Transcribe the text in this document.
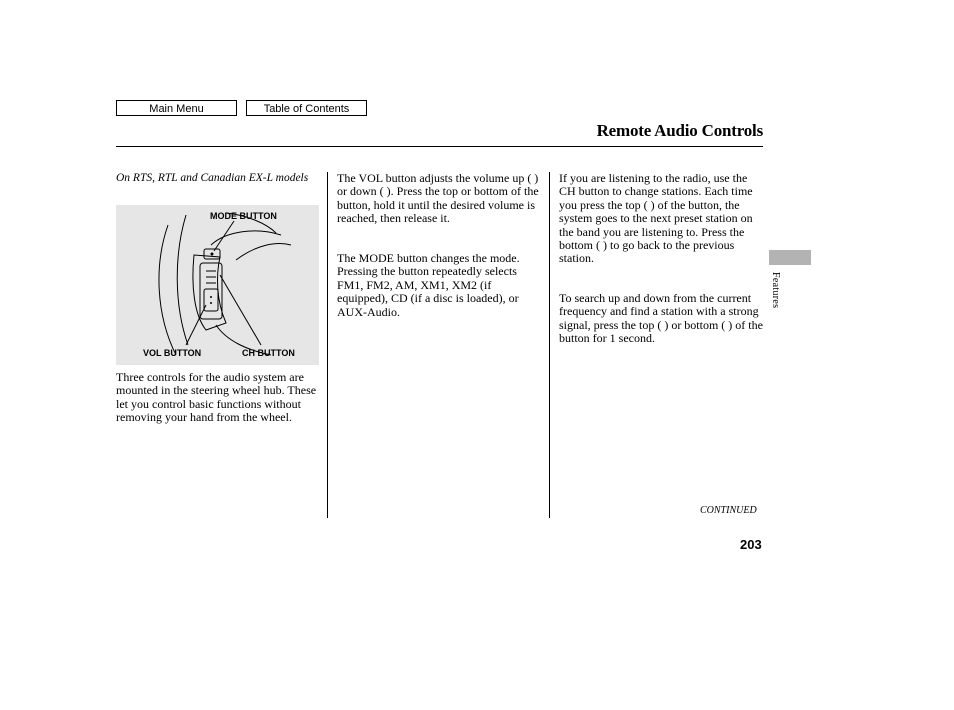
Main Menu	Table of Contents
Remote Audio Controls
On RTS, RTL and Canadian EX-L models
MODE BUTTON
VOL BUTTON	CH BUTTON

Three controls for the audio system are mounted in the steering wheel hub. These let you control basic functions without removing your hand from the wheel.

The VOL button adjusts the volume up ( ) or down ( ). Press the top or bottom of the button, hold it until the desired volume is reached, then release it.

The MODE button changes the mode. Pressing the button repeatedly selects FM1, FM2, AM, XM1, XM2 (if equipped), CD (if a disc is loaded), or AUX-Audio.

If you are listening to the radio, use the CH button to change stations. Each time you press the top ( ) of the button, the system goes to the next preset station on the band you are listening to. Press the bottom ( ) to go back to the previous station.

To search up and down from the current frequency and find a station with a strong signal, press the top ( ) or bottom ( ) of the button for 1 second.

Features
CONTINUED
203
